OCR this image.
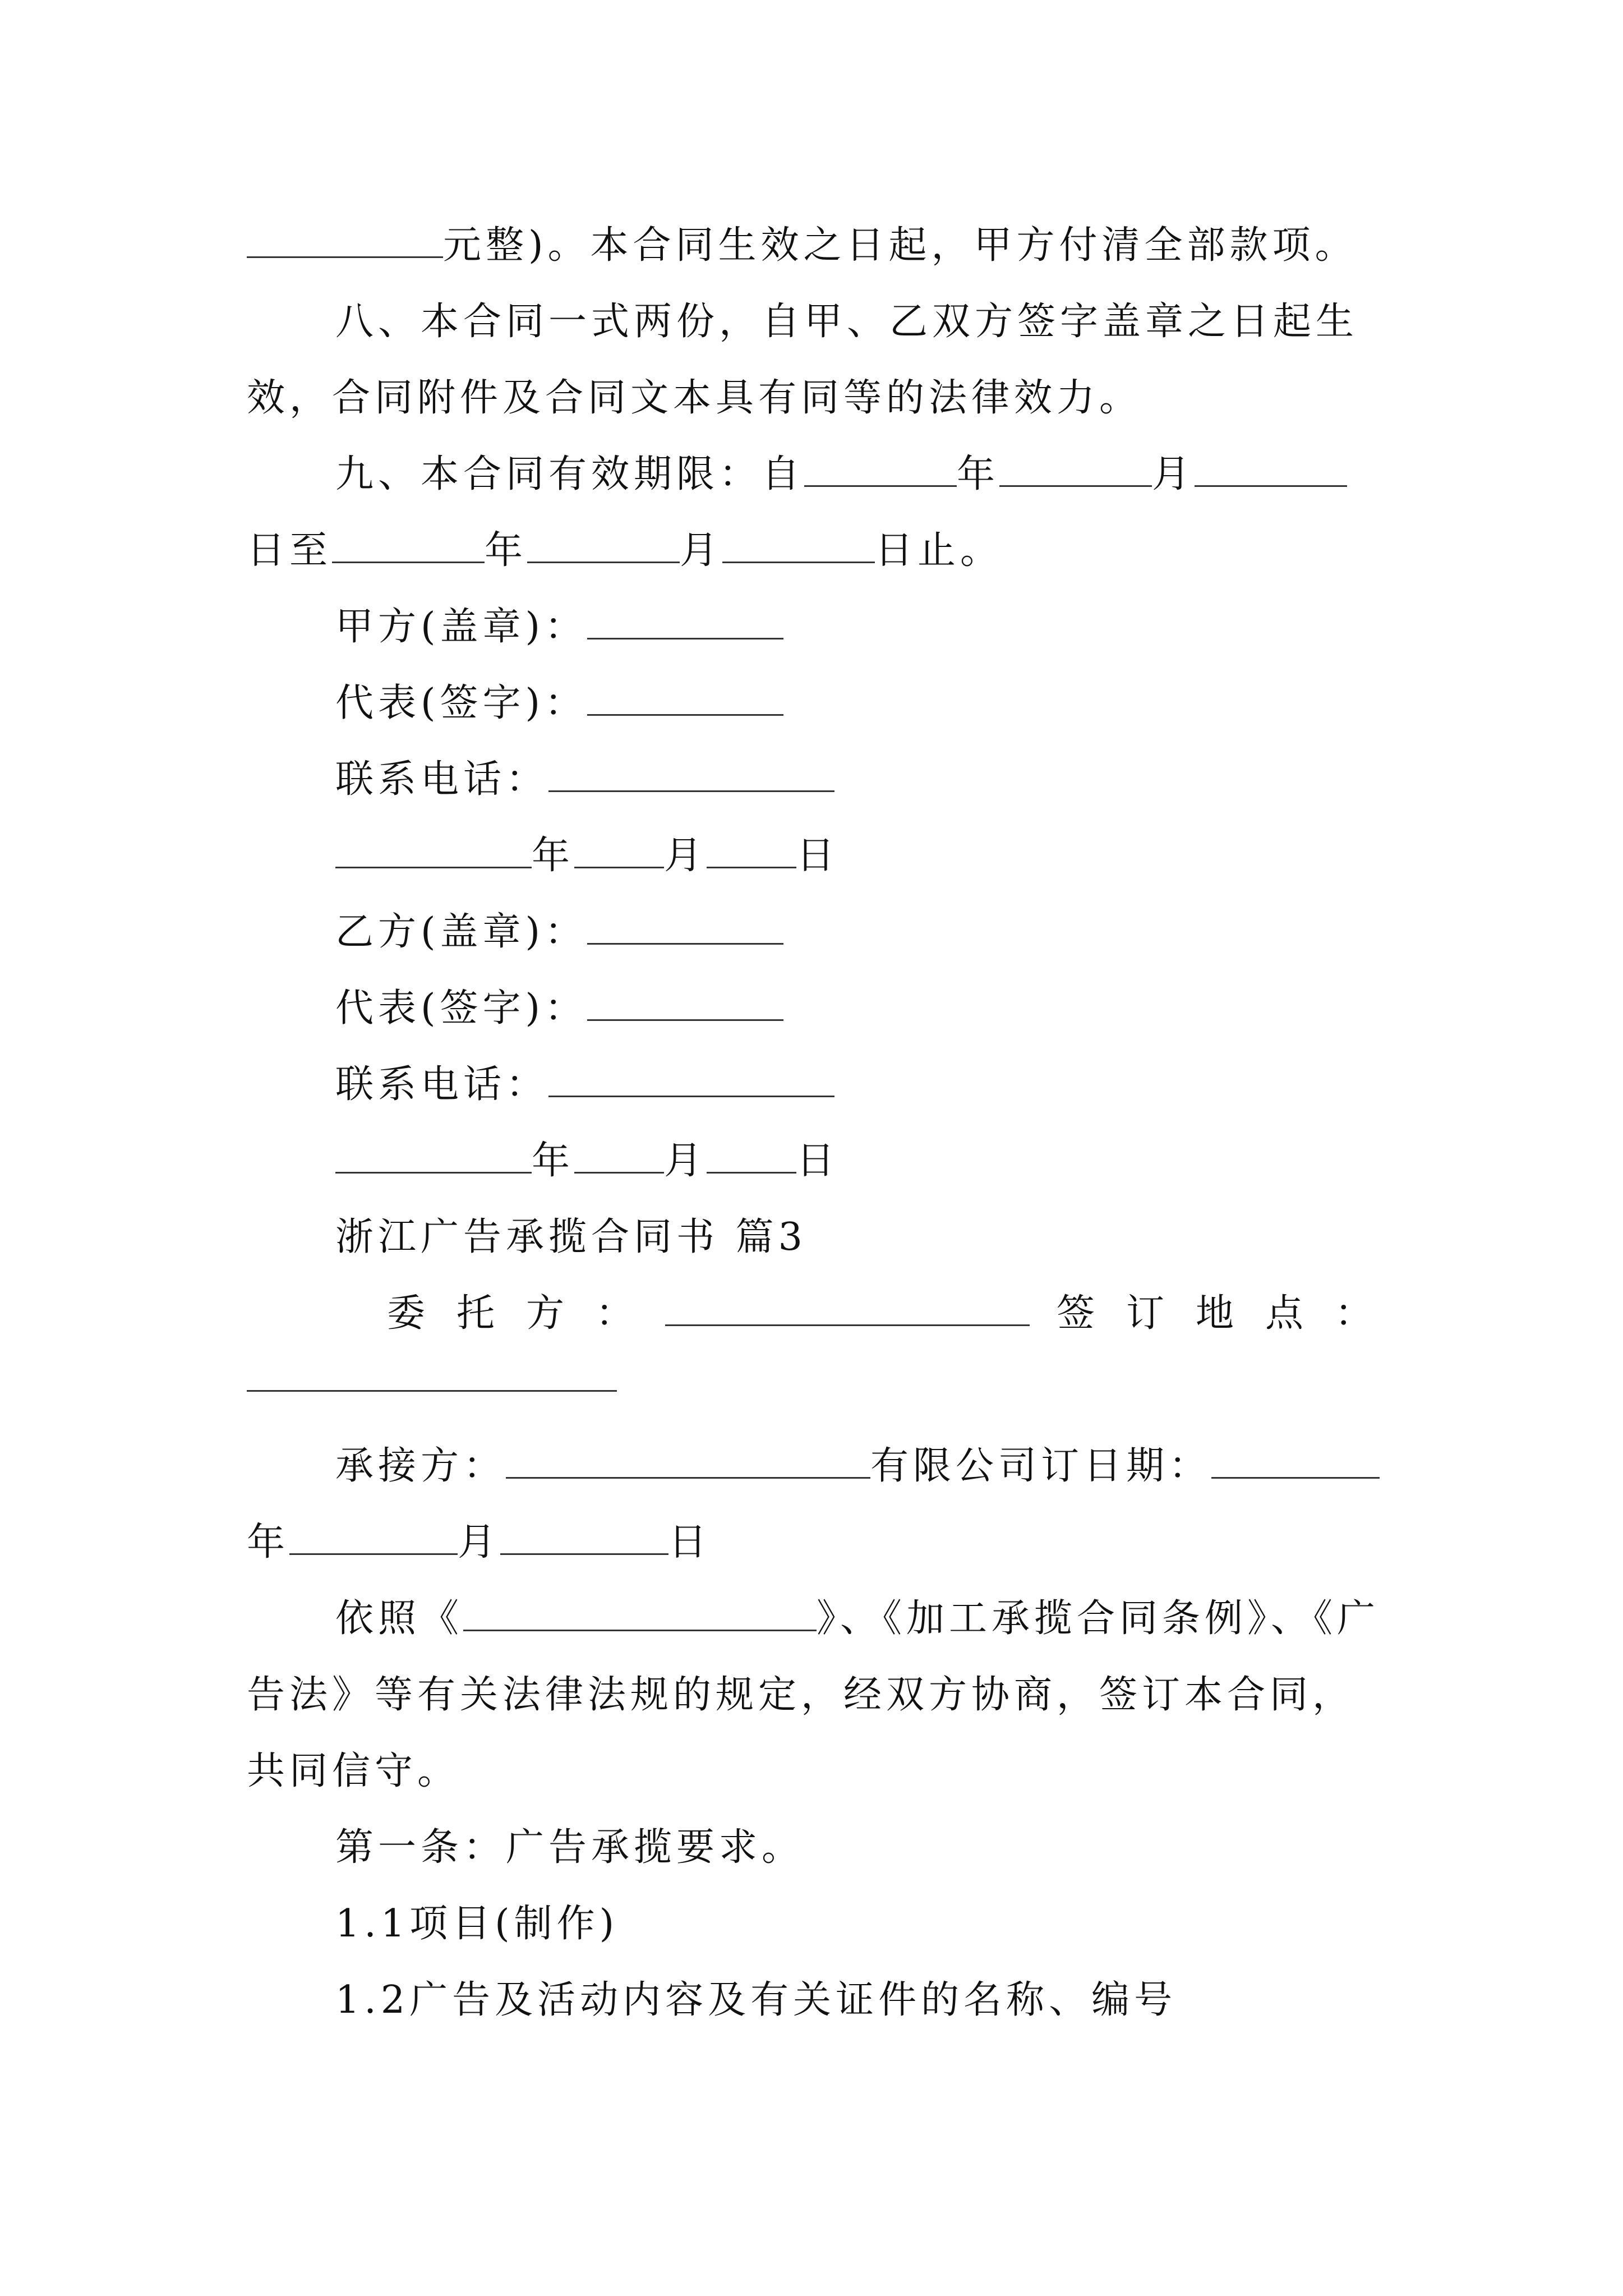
元整)。本合同生效之日起，甲方付清全部款项。
八、本合同一式两份，自甲、乙双方签字盖章之日起生
效，合同附件及合同文本具有同等的法律效力。
九、本合同有效期限：自	年	月
日至	年	月	日止。
甲方(盖章)：
代表(签字)：
联系电话：
年 月 日
乙方(盖章)：
代表(签字)：
联系电话：
年 月 日
浙江广告承揽合同书 篇3
委托方：	签订地点：
承接方：	有限公司订日期：
年	月	日
依照《	》、《加工承揽合同条例》、《广
告法》等有关法律法规的规定，经双方协商，签订本合同，
共同信守。
第一条：广告承揽要求。
1.1项目(制作)
1.2广告及活动内容及有关证件的名称、编号
